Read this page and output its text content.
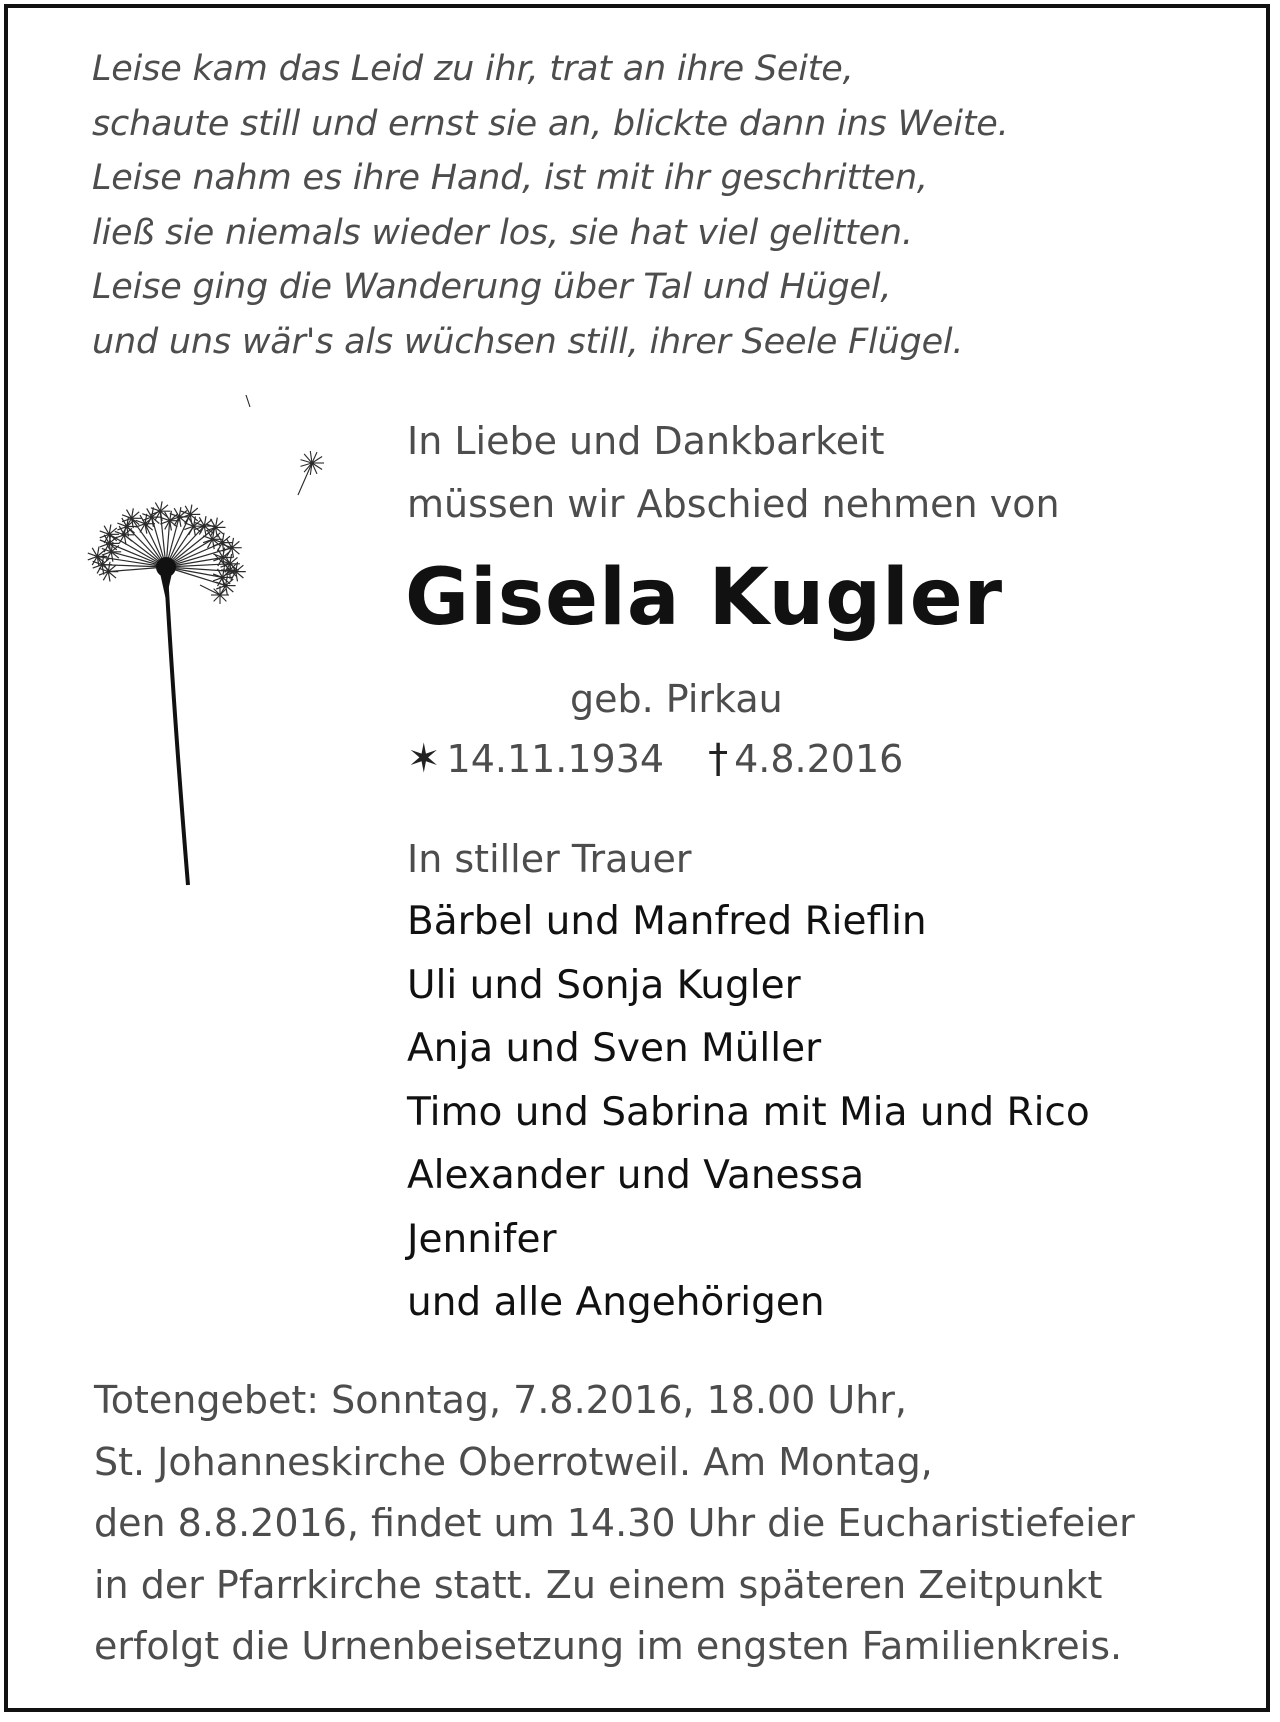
Leise kam das Leid zu ihr, trat an ihre Seite,
schaute still und ernst sie an, blickte dann ins Weite.
Leise nahm es ihre Hand, ist mit ihr geschritten,
ließ sie niemals wieder los, sie hat viel gelitten.
Leise ging die Wanderung über Tal und Hügel,
und uns wär's als wüchsen still, ihrer Seele Flügel.

In Liebe und Dankbarkeit
müssen wir Abschied nehmen von

Gisela Kugler
geb. Pirkau
✶ 14.11.1934 † 4.8.2016
In stiller Trauer
Bärbel und Manfred Rieflin
Uli und Sonja Kugler
Anja und Sven Müller
Timo und Sabrina mit Mia und Rico
Alexander und Vanessa
Jennifer
und alle Angehörigen
Totengebet: Sonntag, 7.8.2016, 18.00 Uhr,
St. Johanneskirche Oberrotweil. Am Montag,
den 8.8.2016, findet um 14.30 Uhr die Eucharistiefeier
in der Pfarrkirche statt. Zu einem späteren Zeitpunkt
erfolgt die Urnenbeisetzung im engsten Familienkreis.
